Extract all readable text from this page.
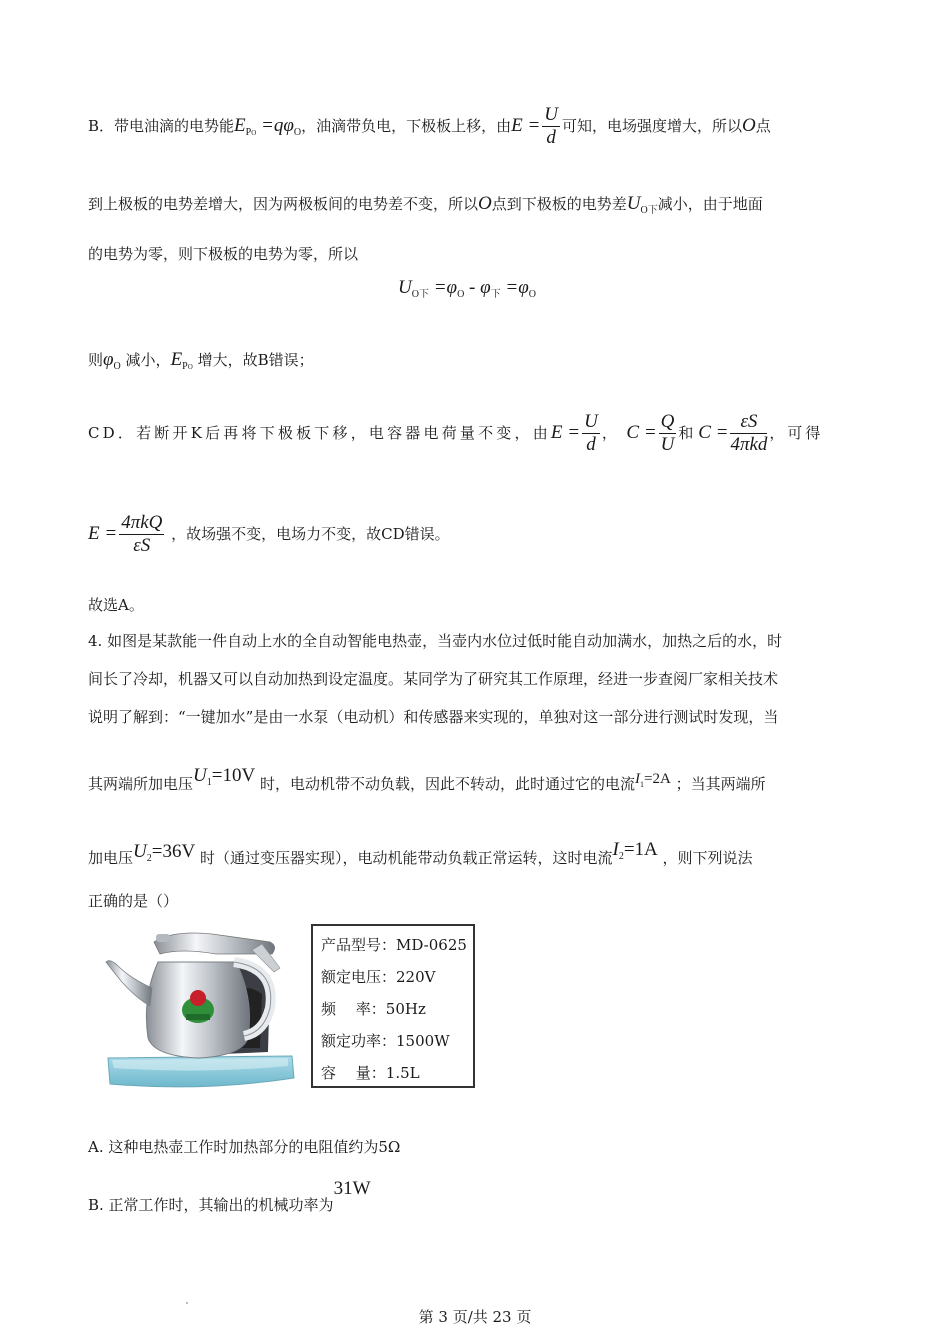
B．带电油滴的电势能$E_{PO} =q\varphi_O$，油滴带负电，下极板上移，由$E = \frac{U}{d}$ 可知，电场强度增大，所以O点
到上极板的电势差增大，因为两极板间的电势差不变，所以O点到下极板的电势差$U_{O下}$减小，由于地面
的电势为零，则下极板的电势为零，所以
$U_{O下} =\varphi_O - \varphi_下 =\varphi_O$
则$\varphi_O$ 减小，$E_{PO}$ 增大，故B错误；
CD．若断开K后再将下极板下移，电容器电荷量不变，由$E = \frac{U}{d}$ ， $C = \frac{Q}{U}$ 和 $C = \frac{\varepsilon S}{\text{4πkd}}$ ，可得
$E = \frac{\text{4πkQ}}{\varepsilon S}$ ，故场强不变，电场力不变，故CD错误。
故选A。
4. 如图是某款能一件自动上水的全自动智能电热壶，当壶内水位过低时能自动加满水，加热之后的水，时
间长了冷却，机器又可以自动加热到设定温度。某同学为了研究其工作原理，经进一步查阅厂家相关技术
说明了解到：“一键加水”是由一水泵（电动机）和传感器来实现的，单独对这一部分进行测试时发现，当
其两端所加电压$U_1=10V$ 时，电动机带不动负载，因此不转动，此时通过它的电流$I_1=2A$ ；当其两端所
加电压$U_2=36V$ 时（通过变压器实现），电动机能带动负载正常运转，这时电流$I_2=1A$ ，则下列说法
正确的是（）
产品型号：MD-0625
额定电压：220V
频　 率：50Hz
额定功率：1500W
容　 量：1.5L
A. 这种电热壶工作时加热部分的电阻值约为5Ω
B. 正常工作时，其输出的机械功率为31W
第 3 页/共 23 页
